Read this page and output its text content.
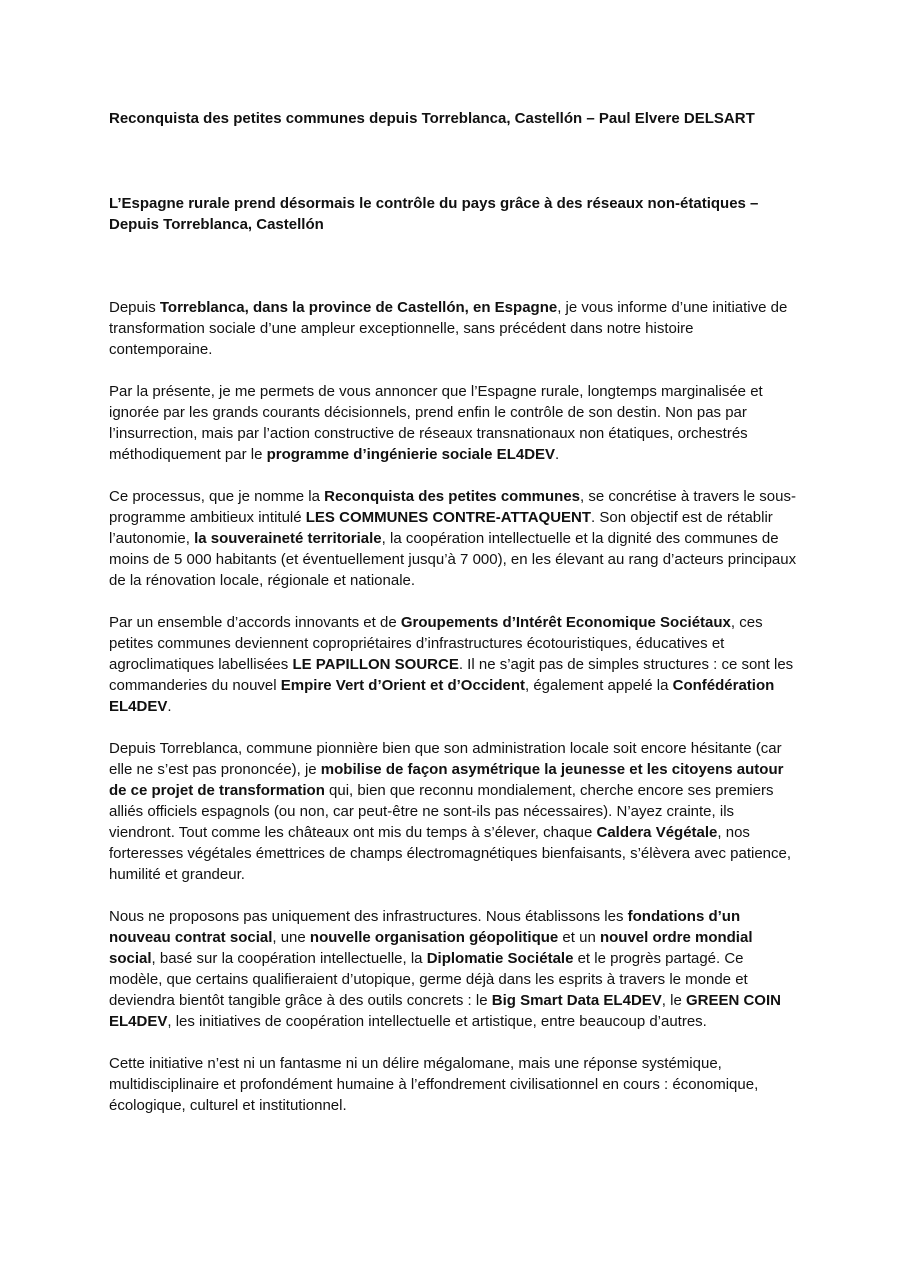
Reconquista des petites communes depuis Torreblanca, Castellón – Paul Elvere DELSART
L’Espagne rurale prend désormais le contrôle du pays grâce à des réseaux non-étatiques – Depuis Torreblanca, Castellón

Depuis Torreblanca, dans la province de Castellón, en Espagne, je vous informe d’une initiative de transformation sociale d’une ampleur exceptionnelle, sans précédent dans notre histoire contemporaine.

Par la présente, je me permets de vous annoncer que l’Espagne rurale, longtemps marginalisée et ignorée par les grands courants décisionnels, prend enfin le contrôle de son destin. Non pas par l’insurrection, mais par l’action constructive de réseaux transnationaux non étatiques, orchestrés méthodiquement par le programme d’ingénierie sociale EL4DEV.

Ce processus, que je nomme la Reconquista des petites communes, se concrétise à travers le sous-programme ambitieux intitulé LES COMMUNES CONTRE-ATTAQUENT. Son objectif est de rétablir l’autonomie, la souveraineté territoriale, la coopération intellectuelle et la dignité des communes de moins de 5 000 habitants (et éventuellement jusqu’à 7 000), en les élevant au rang d’acteurs principaux de la rénovation locale, régionale et nationale.

Par un ensemble d’accords innovants et de Groupements d’Intérêt Economique Sociétaux, ces petites communes deviennent copropriétaires d’infrastructures écotouristiques, éducatives et agroclimatiques labellisées LE PAPILLON SOURCE. Il ne s’agit pas de simples structures : ce sont les commanderies du nouvel Empire Vert d’Orient et d’Occident, également appelé la Confédération EL4DEV.

Depuis Torreblanca, commune pionnière bien que son administration locale soit encore hésitante (car elle ne s’est pas prononcée), je mobilise de façon asymétrique la jeunesse et les citoyens autour de ce projet de transformation qui, bien que reconnu mondialement, cherche encore ses premiers alliés officiels espagnols (ou non, car peut-être ne sont-ils pas nécessaires). N’ayez crainte, ils viendront. Tout comme les châteaux ont mis du temps à s’élever, chaque Caldera Végétale, nos forteresses végétales émettrices de champs électromagnétiques bienfaisants, s’élèvera avec patience, humilité et grandeur.

Nous ne proposons pas uniquement des infrastructures. Nous établissons les fondations d’un nouveau contrat social, une nouvelle organisation géopolitique et un nouvel ordre mondial social, basé sur la coopération intellectuelle, la Diplomatie Sociétale et le progrès partagé. Ce modèle, que certains qualifieraient d’utopique, germe déjà dans les esprits à travers le monde et deviendra bientôt tangible grâce à des outils concrets : le Big Smart Data EL4DEV, le GREEN COIN EL4DEV, les initiatives de coopération intellectuelle et artistique, entre beaucoup d’autres.

Cette initiative n’est ni un fantasme ni un délire mégalomane, mais une réponse systémique, multidisciplinaire et profondément humaine à l’effondrement civilisationnel en cours : économique, écologique, culturel et institutionnel.
